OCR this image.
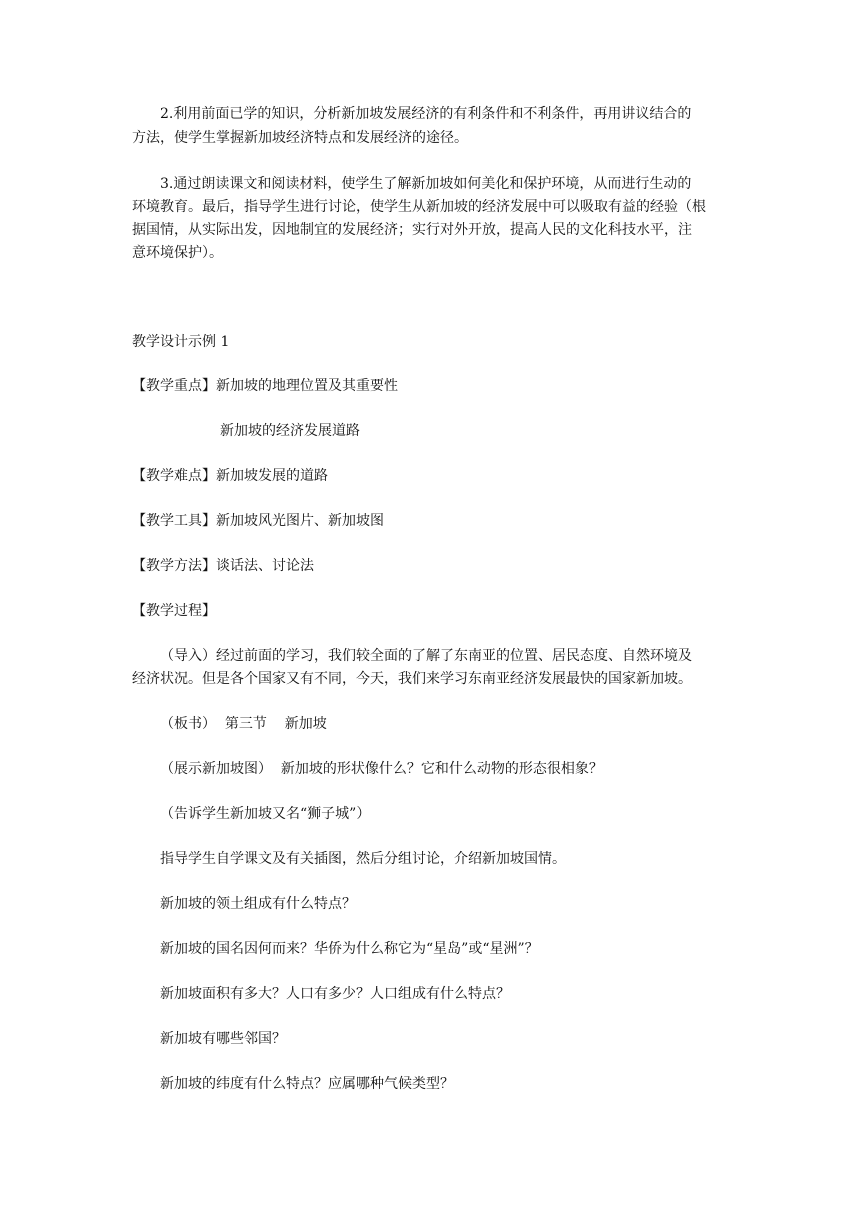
2.利用前面已学的知识，分析新加坡发展经济的有利条件和不利条件，再用讲议结合的
方法，使学生掌握新加坡经济特点和发展经济的途径。
3.通过朗读课文和阅读材料，使学生了解新加坡如何美化和保护环境，从而进行生动的
环境教育。最后，指导学生进行讨论，使学生从新加坡的经济发展中可以吸取有益的经验（根
据国情，从实际出发，因地制宜的发展经济；实行对外开放，提高人民的文化科技水平，注
意环境保护）。
教学设计示例 1
【教学重点】新加坡的地理位置及其重要性
新加坡的经济发展道路
【教学难点】新加坡发展的道路
【教学工具】新加坡风光图片、新加坡图
【教学方法】谈话法、讨论法
【教学过程】
（导入）经过前面的学习，我们较全面的了解了东南亚的位置、居民态度、自然环境及
经济状况。但是各个国家又有不同，今天，我们来学习东南亚经济发展最快的国家新加坡。
（板书）  第三节    新加坡
（展示新加坡图）  新加坡的形状像什么？它和什么动物的形态很相象？
（告诉学生新加坡又名“狮子城”）
指导学生自学课文及有关插图，然后分组讨论，介绍新加坡国情。
新加坡的领土组成有什么特点？
新加坡的国名因何而来？华侨为什么称它为“星岛”或“星洲”？
新加坡面积有多大？人口有多少？人口组成有什么特点？
新加坡有哪些邻国？
新加坡的纬度有什么特点？应属哪种气候类型？
